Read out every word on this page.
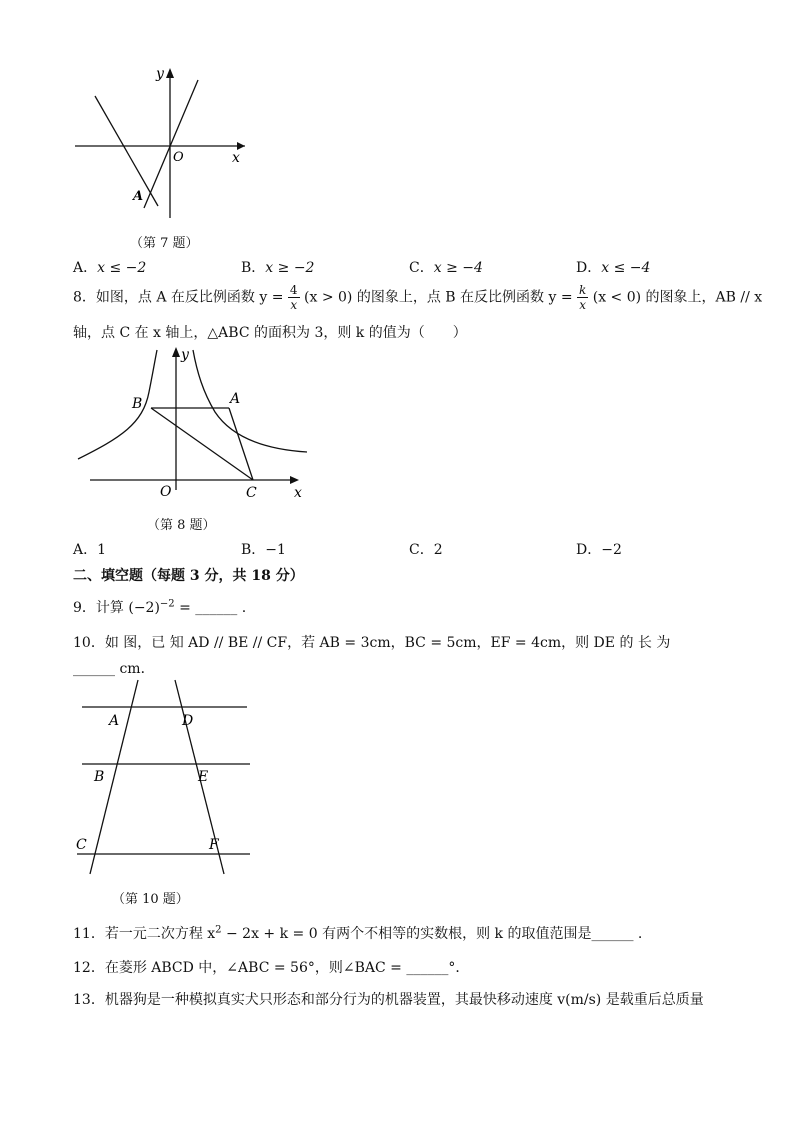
y
x
O
A
（第 7 题）
A．x ≤ −2	B．x ≥ −2	C．x ≥ −4	D．x ≤ −4
8．如图，点 A 在反比例函数 $y = \frac{4}{x} (x > 0)$ 的图象上，点 B 在反比例函数 $y = \frac{k}{x} (x < 0)$ 的图象上，AB // x
轴，点 C 在 x 轴上，△ABC 的面积为 3，则 k 的值为（　　）
y
x
O
A
B
C
（第 8 题）
A．1	B．−1	C．2	D．−2
二、填空题（每题 3 分，共 18 分）
9．计算 $(-2)^{-2}$ = ______ .
10．如 图，已 知 AD // BE // CF，若 AB = 3cm，BC = 5cm，EF = 4cm，则 DE 的 长 为
______ cm．
A	D
B	E
C	F
（第 10 题）
11．若一元二次方程 $x^2 - 2x + k = 0$ 有两个不相等的实数根，则 k 的取值范围是______ .
12．在菱形 ABCD 中，∠ABC = 56°，则∠BAC = ______°．
13．机器狗是一种模拟真实犬只形态和部分行为的机器装置，其最快移动速度 v(m/s) 是载重后总质量
